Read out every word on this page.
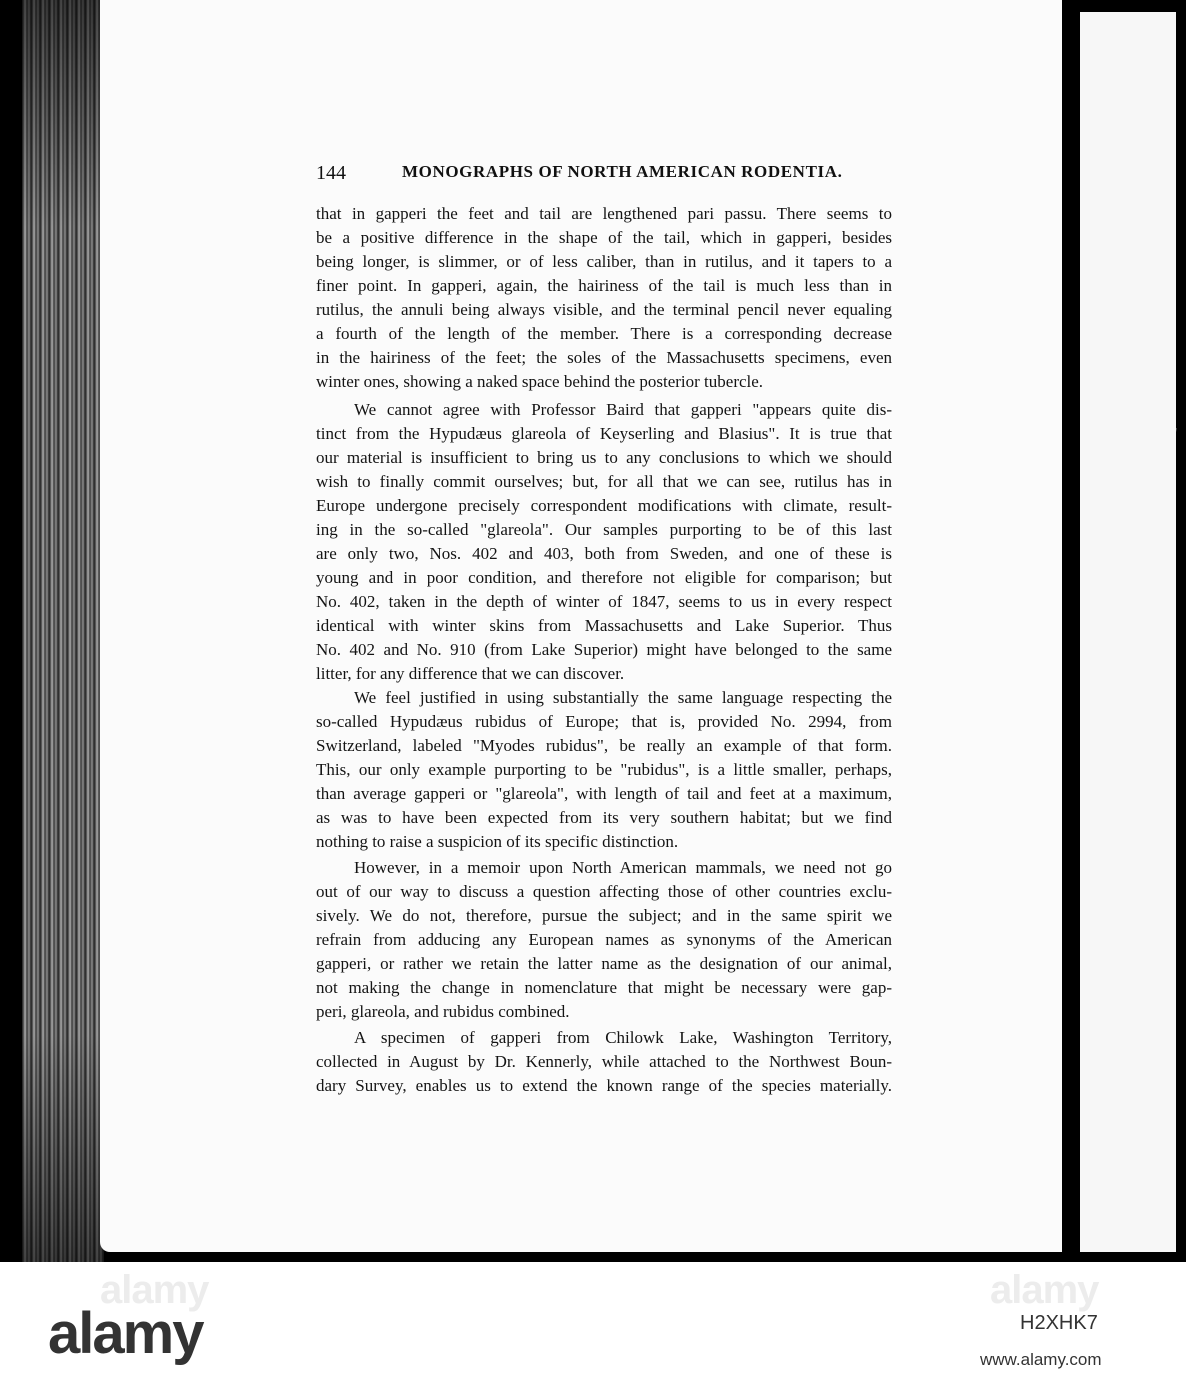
144	MONOGRAPHS OF NORTH AMERICAN RODENTIA.
that in gapperi the feet and tail are lengthened pari passu. There seems to
be a positive difference in the shape of the tail, which in gapperi, besides
being longer, is slimmer, or of less caliber, than in rutilus, and it tapers to a
finer point. In gapperi, again, the hairiness of the tail is much less than in
rutilus, the annuli being always visible, and the terminal pencil never equaling
a fourth of the length of the member. There is a corresponding decrease
in the hairiness of the feet; the soles of the Massachusetts specimens, even
winter ones, showing a naked space behind the posterior tubercle.
We cannot agree with Professor Baird that gapperi "appears quite dis-
tinct from the Hypudæus glareola of Keyserling and Blasius". It is true that
our material is insufficient to bring us to any conclusions to which we should
wish to finally commit ourselves; but, for all that we can see, rutilus has in
Europe undergone precisely correspondent modifications with climate, result-
ing in the so-called "glareola". Our samples purporting to be of this last
are only two, Nos. 402 and 403, both from Sweden, and one of these is
young and in poor condition, and therefore not eligible for comparison; but
No. 402, taken in the depth of winter of 1847, seems to us in every respect
identical with winter skins from Massachusetts and Lake Superior. Thus
No. 402 and No. 910 (from Lake Superior) might have belonged to the same
litter, for any difference that we can discover.
We feel justified in using substantially the same language respecting the
so-called Hypudæus rubidus of Europe; that is, provided No. 2994, from
Switzerland, labeled "Myodes rubidus", be really an example of that form.
This, our only example purporting to be "rubidus", is a little smaller, perhaps,
than average gapperi or "glareola", with length of tail and feet at a maximum,
as was to have been expected from its very southern habitat; but we find
nothing to raise a suspicion of its specific distinction.
However, in a memoir upon North American mammals, we need not go
out of our way to discuss a question affecting those of other countries exclu-
sively. We do not, therefore, pursue the subject; and in the same spirit we
refrain from adducing any European names as synonyms of the American
gapperi, or rather we retain the latter name as the designation of our animal,
not making the change in nomenclature that might be necessary were gap-
peri, glareola, and rubidus combined.
A specimen of gapperi from Chilowk Lake, Washington Territory,
collected in August by Dr. Kennerly, while attached to the Northwest Boun-
dary Survey, enables us to extend the known range of the species materially.
alamy	alamy
alamy	H2XHK7
www.alamy.com
